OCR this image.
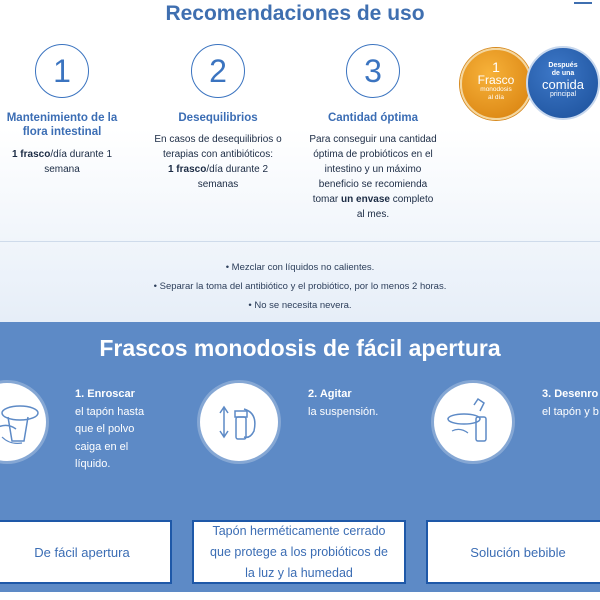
Recomendaciones de uso
1
Mantenimiento de la
flora intestinal
1 frasco/día durante 1
semana
2
Desequilibrios
En casos de desequilibrios o
terapias con antibióticos:
1 frasco/día durante 2
semanas
3
Cantidad óptima
Para conseguir una cantidad
óptima de probióticos en el
intestino y un máximo
beneficio se recomienda
tomar un envase completo
al mes.
1
Frasco
monodosis
al día
Después
de una
comida
principal
• Mezclar con líquidos no calientes.
• Separar la toma del antibiótico y el probiótico, por lo menos 2 horas.
• No se necesita nevera.
Frascos monodosis de fácil apertura
1. Enroscar
el tapón hasta
que el polvo
caiga en el
líquido.
2. Agitar
la suspensión.
3. Desenro
el tapón y b
De fácil apertura
Tapón herméticamente cerrado
que protege a los probióticos de
la luz y la humedad
Solución bebible
